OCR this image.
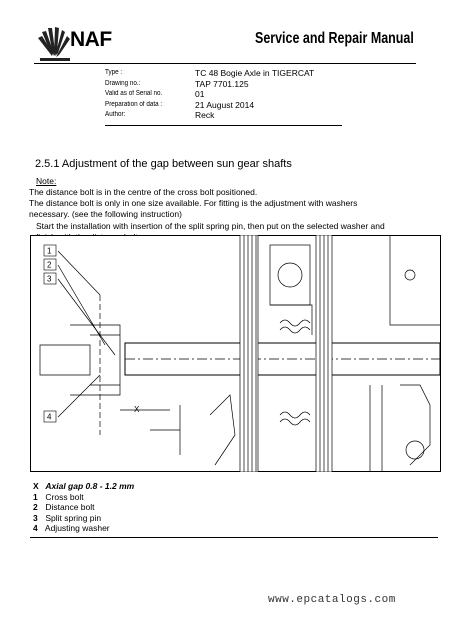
NAF	Service and Repair Manual
Type :	TC 48 Bogie Axle in TIGERCAT
Drawing no.:	TAP 7701.125
Valid as of Serial no.	01
Preparation of data :	21 August 2014
Author:	Reck
2.5.1 Adjustment of the gap between sun gear shafts
Note:
The distance bolt is in the centre of the cross bolt positioned.
The distance bolt is only in one size available. For fitting is the adjustment with washers
necessary. (see the following instruction)
Start the installation with insertion of the split spring pin, then put on the selected washer and
1
2
3
4
X
X Axial gap 0.8 - 1.2 mm
1 Cross bolt
2 Distance bolt
3 Split spring pin
4 Adjusting washer
www.epcatalogs.com
